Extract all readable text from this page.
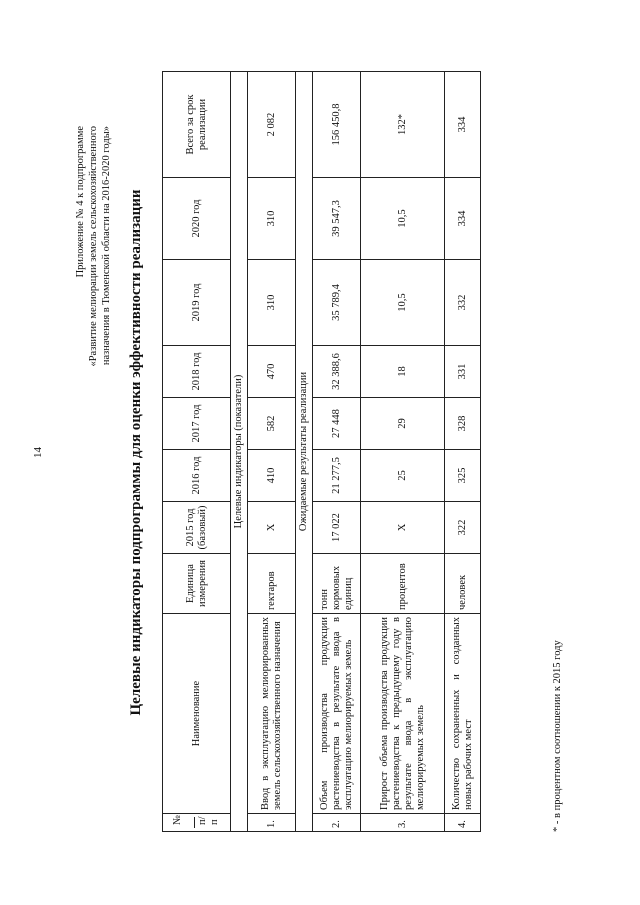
14
Приложение № 4 к подпрограмме «Развитие мелиорации земель сельскохозяйственного назначения в Тюменской области на 2016-2020 годы» Целевые индикаторы подпрограммы для оценки эффективности реализации
№ п/п	Наименование	Единица измерения	2015 год (базовый)	2016 год	2017 год	2018 год	2019 год	2020 год	Всего за срок реализации
Целевые индикаторы (показатели)									
1.	Ввод в эксплуатацию мелиорированных земель сельскохозяйственного назначения	гектаров	Х	410	582	470	310	310	2 082
Ожидаемые результаты реализации									
2.	Объем производства продукции растениеводства в результате ввода в эксплуатацию мелиорируемых земель	тонн кормовых единиц	17 022	21 277,5	27 448	32 388,6	35 789,4	39 547,3	156 450,8
3.	Прирост объема производства продукции растениеводства к предыдущему году в результате ввода в эксплуатацию мелиорируемых земель	процентов	Х	25	29	18	10,5	10,5	132*
4.	Количество сохраненных и созданных новых рабочих мест	человек	322	325	328	331	332	334	334
* - в процентном соотношении к 2015 году
